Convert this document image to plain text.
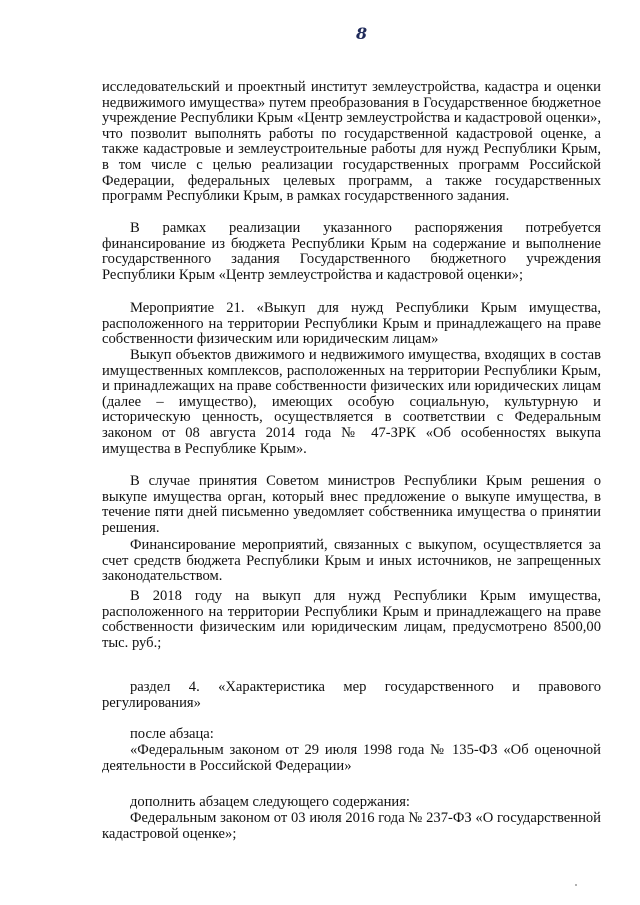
8

исследовательский и проектный институт землеустройства, кадастра и оценки недвижимого имущества» путем преобразования в Государственное бюджетное учреждение Республики Крым «Центр землеустройства и кадастровой оценки», что позволит выполнять работы по государственной кадастровой оценке, а также кадастровые и землеустроительные работы для нужд Республики Крым, в том числе с целью реализации государственных программ Российской Федерации, федеральных целевых программ, а также государственных программ Республики Крым, в рамках государственного задания.

В рамках реализации указанного распоряжения потребуется финансирование из бюджета Республики Крым на содержание и выполнение государственного задания Государственного бюджетного учреждения Республики Крым «Центр землеустройства и кадастровой оценки»;

Мероприятие 21. «Выкуп для нужд Республики Крым имущества, расположенного на территории Республики Крым и принадлежащего на праве собственности физическим или юридическим лицам»

Выкуп объектов движимого и недвижимого имущества, входящих в состав имущественных комплексов, расположенных на территории Республики Крым, и принадлежащих на праве собственности физических или юридических лицам (далее – имущество), имеющих особую социальную, культурную и историческую ценность, осуществляется в соответствии с Федеральным законом от 08 августа 2014 года № 47-ЗРК «Об особенностях выкупа имущества в Республике Крым».

В случае принятия Советом министров Республики Крым решения о выкупе имущества орган, который внес предложение о выкупе имущества, в течение пяти дней письменно уведомляет собственника имущества о принятии решения.

Финансирование мероприятий, связанных с выкупом, осуществляется за счет средств бюджета Республики Крым и иных источников, не запрещенных законодательством.

В 2018 году на выкуп для нужд Республики Крым имущества, расположенного на территории Республики Крым и принадлежащего на праве собственности физическим или юридическим лицам, предусмотрено 8500,00 тыс. руб.;

раздел 4. «Характеристика мер государственного и правового регулирования»

после абзаца:

«Федеральным законом от 29 июля 1998 года № 135-ФЗ «Об оценочной деятельности в Российской Федерации»

дополнить абзацем следующего содержания:

Федеральным законом от 03 июля 2016 года № 237-ФЗ «О государственной кадастровой оценке»;
